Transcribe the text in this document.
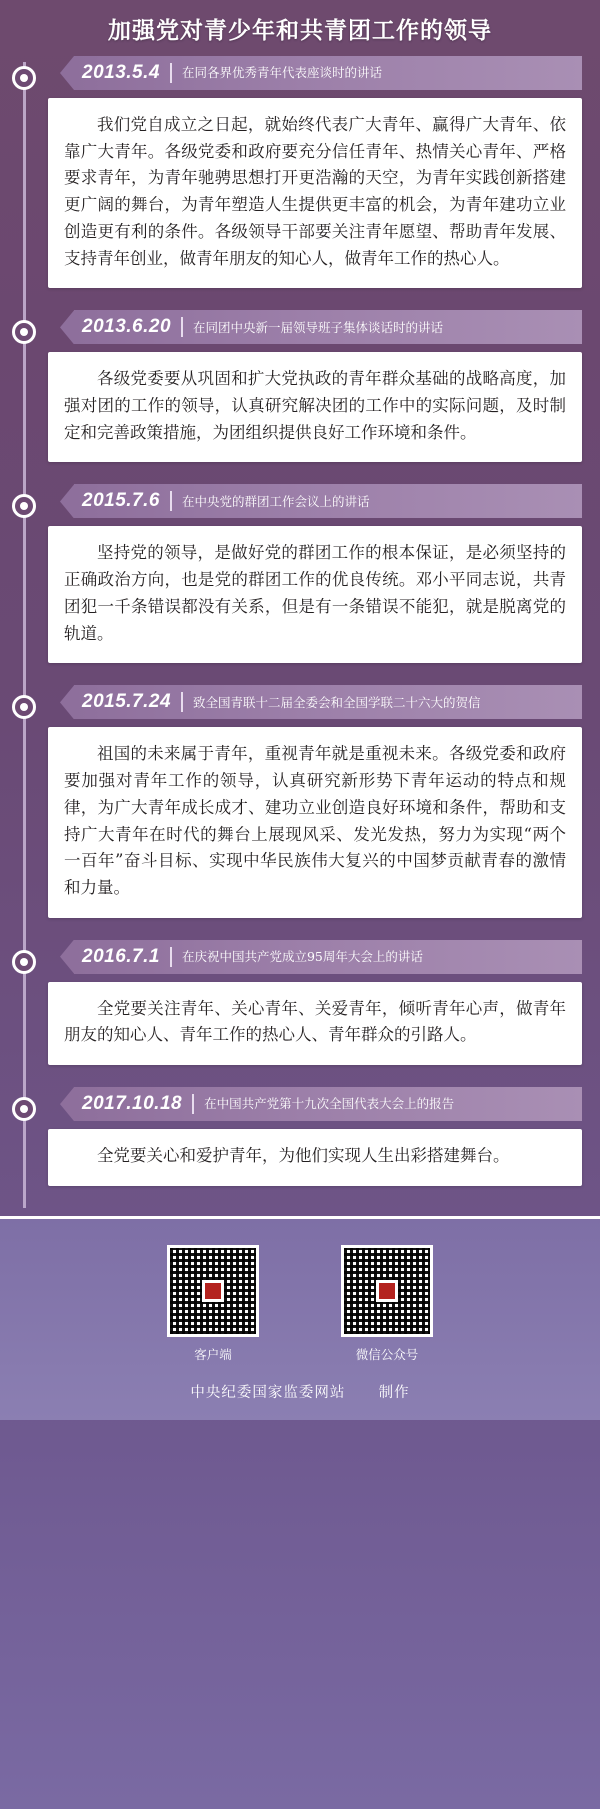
加强党对青少年和共青团工作的领导
2013.5.4	在同各界优秀青年代表座谈时的讲话

我们党自成立之日起，就始终代表广大青年、赢得广大青年、依靠广大青年。各级党委和政府要充分信任青年、热情关心青年、严格要求青年，为青年驰骋思想打开更浩瀚的天空，为青年实践创新搭建更广阔的舞台，为青年塑造人生提供更丰富的机会，为青年建功立业创造更有利的条件。各级领导干部要关注青年愿望、帮助青年发展、支持青年创业，做青年朋友的知心人，做青年工作的热心人。

2013.6.20	在同团中央新一届领导班子集体谈话时的讲话

各级党委要从巩固和扩大党执政的青年群众基础的战略高度，加强对团的工作的领导，认真研究解决团的工作中的实际问题，及时制定和完善政策措施，为团组织提供良好工作环境和条件。

2015.7.6	在中央党的群团工作会议上的讲话

坚持党的领导，是做好党的群团工作的根本保证，是必须坚持的正确政治方向，也是党的群团工作的优良传统。邓小平同志说，共青团犯一千条错误都没有关系，但是有一条错误不能犯，就是脱离党的轨道。

2015.7.24	致全国青联十二届全委会和全国学联二十六大的贺信

祖国的未来属于青年，重视青年就是重视未来。各级党委和政府要加强对青年工作的领导，认真研究新形势下青年运动的特点和规律，为广大青年成长成才、建功立业创造良好环境和条件，帮助和支持广大青年在时代的舞台上展现风采、发光发热，努力为实现“两个一百年”奋斗目标、实现中华民族伟大复兴的中国梦贡献青春的激情和力量。

2016.7.1	在庆祝中国共产党成立95周年大会上的讲话

全党要关注青年、关心青年、关爱青年，倾听青年心声，做青年朋友的知心人、青年工作的热心人、青年群众的引路人。

2017.10.18	在中国共产党第十九次全国代表大会上的报告

全党要关心和爱护青年，为他们实现人生出彩搭建舞台。

客户端	微信公众号
中央纪委国家监委网站 制作
